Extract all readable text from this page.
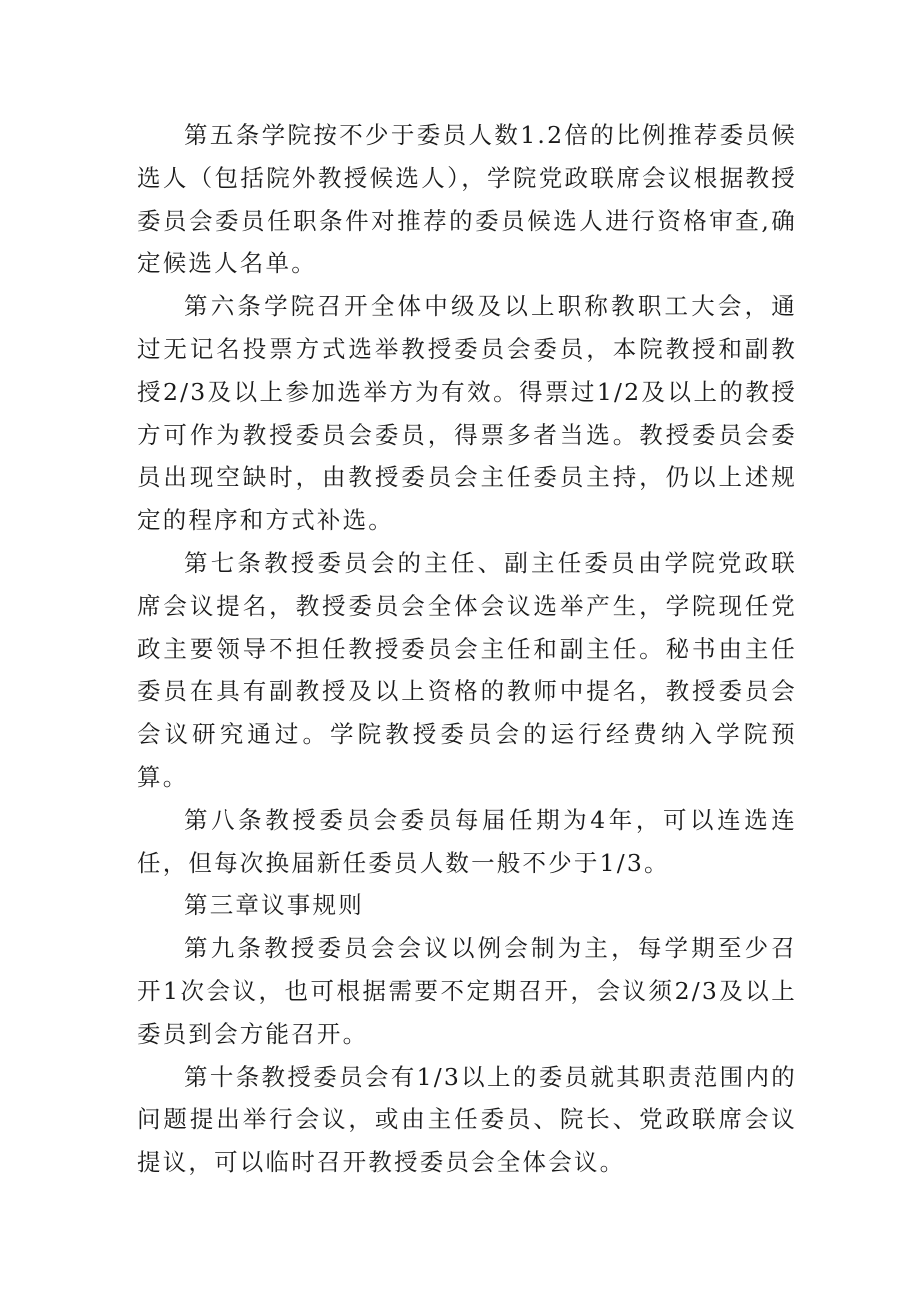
第五条学院按不少于委员人数1.2倍的比例推荐委员候选人（包括院外教授候选人），学院党政联席会议根据教授委员会委员任职条件对推荐的委员候选人进行资格审查,确定候选人名单。

第六条学院召开全体中级及以上职称教职工大会，通过无记名投票方式选举教授委员会委员，本院教授和副教授2/3及以上参加选举方为有效。得票过1/2及以上的教授方可作为教授委员会委员，得票多者当选。教授委员会委员出现空缺时，由教授委员会主任委员主持，仍以上述规定的程序和方式补选。

第七条教授委员会的主任、副主任委员由学院党政联席会议提名，教授委员会全体会议选举产生，学院现任党政主要领导不担任教授委员会主任和副主任。秘书由主任委员在具有副教授及以上资格的教师中提名，教授委员会会议研究通过。学院教授委员会的运行经费纳入学院预算。

第八条教授委员会委员每届任期为4年，可以连选连任，但每次换届新任委员人数一般不少于1/3。

第三章议事规则

第九条教授委员会会议以例会制为主，每学期至少召开1次会议，也可根据需要不定期召开，会议须2/3及以上委员到会方能召开。

第十条教授委员会有1/3以上的委员就其职责范围内的问题提出举行会议，或由主任委员、院长、党政联席会议提议，可以临时召开教授委员会全体会议。
